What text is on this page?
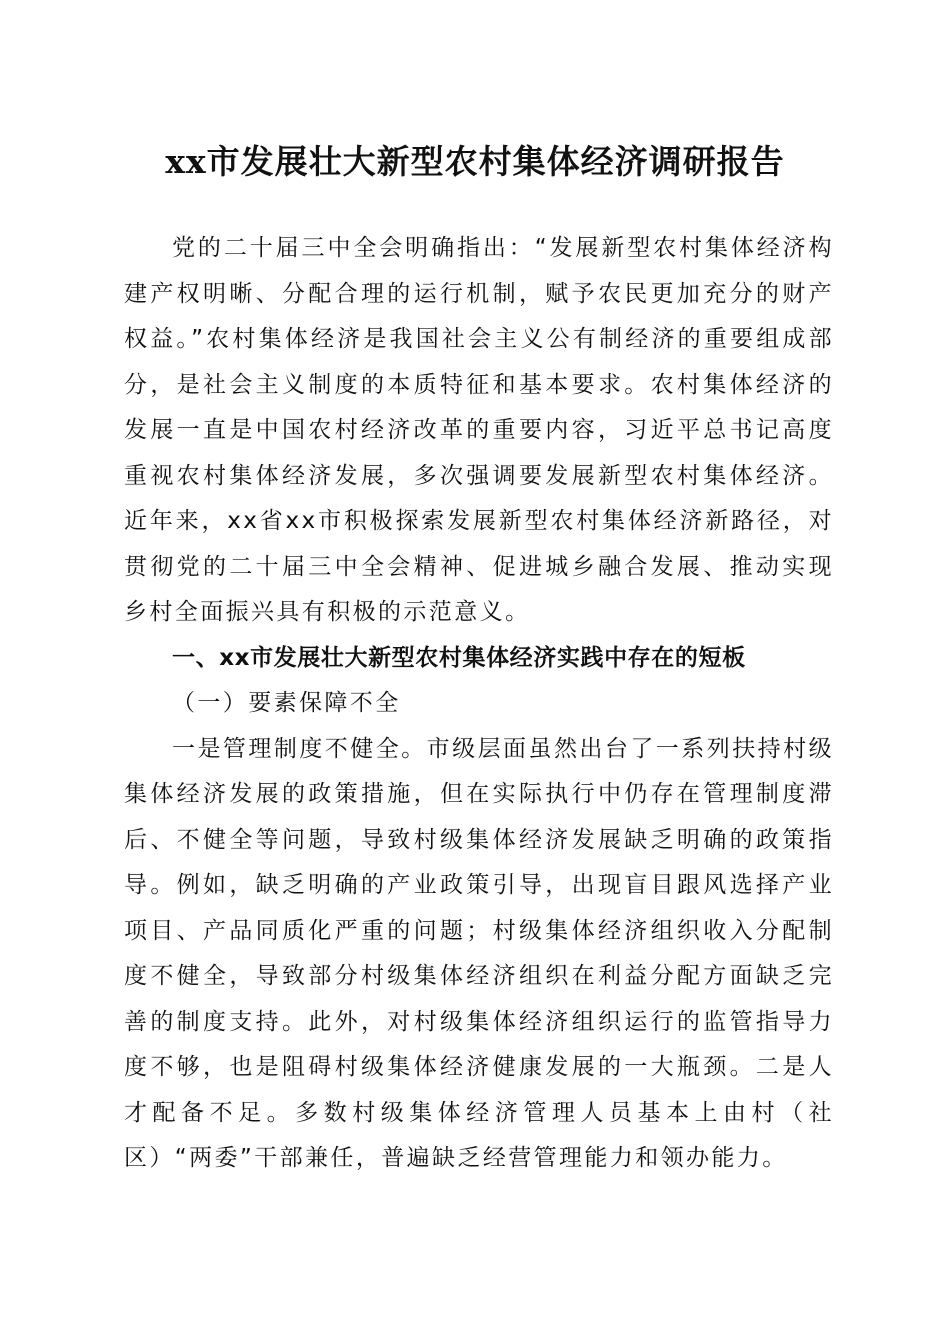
xx市发展壮大新型农村集体经济调研报告

党的二十届三中全会明确指出：“发展新型农村集体经济构建产权明晰、分配合理的运行机制，赋予农民更加充分的财产权益。”农村集体经济是我国社会主义公有制经济的重要组成部分，是社会主义制度的本质特征和基本要求。农村集体经济的发展一直是中国农村经济改革的重要内容，习近平总书记高度重视农村集体经济发展，多次强调要发展新型农村集体经济。近年来，xx省xx市积极探索发展新型农村集体经济新路径，对贯彻党的二十届三中全会精神、促进城乡融合发展、推动实现乡村全面振兴具有积极的示范意义。

一、xx市发展壮大新型农村集体经济实践中存在的短板

（一）要素保障不全

一是管理制度不健全。市级层面虽然出台了一系列扶持村级集体经济发展的政策措施，但在实际执行中仍存在管理制度滞后、不健全等问题，导致村级集体经济发展缺乏明确的政策指导。例如，缺乏明确的产业政策引导，出现盲目跟风选择产业项目、产品同质化严重的问题；村级集体经济组织收入分配制度不健全，导致部分村级集体经济组织在利益分配方面缺乏完善的制度支持。此外，对村级集体经济组织运行的监管指导力度不够，也是阻碍村级集体经济健康发展的一大瓶颈。二是人才配备不足。多数村级集体经济管理人员基本上由村（社区）“两委”干部兼任，普遍缺乏经营管理能力和领办能力。
